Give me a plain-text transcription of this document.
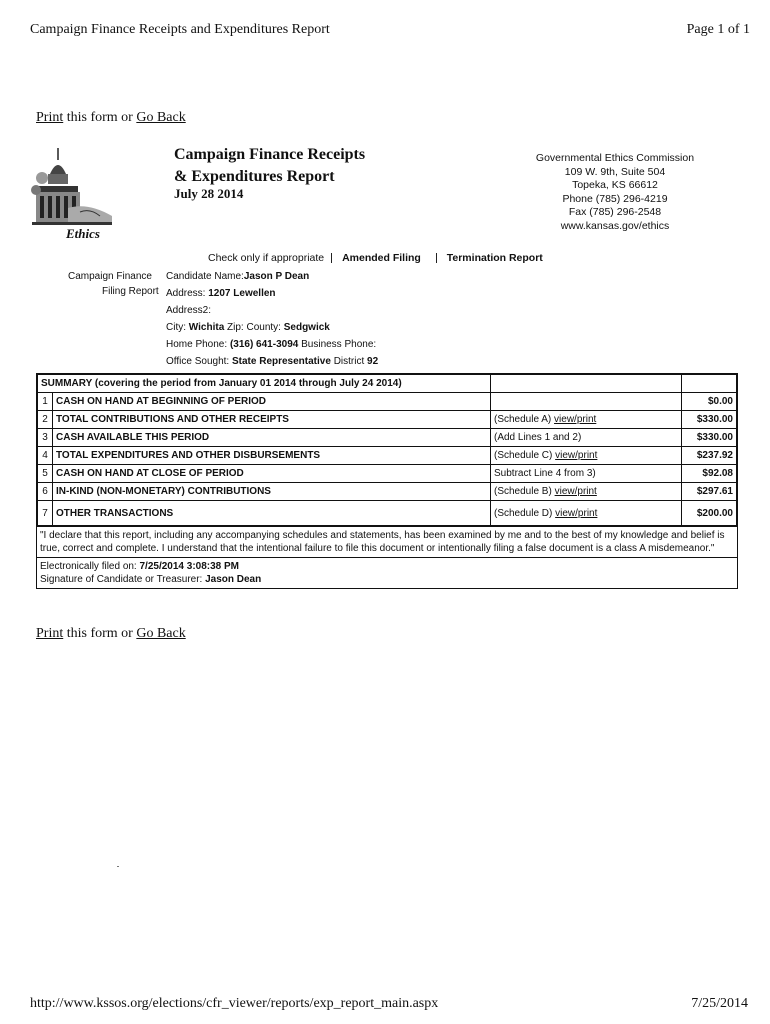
Campaign Finance Receipts and Expenditures Report	Page 1 of 1
Print this form or Go Back
Ethics
Campaign Finance Receipts
& Expenditures Report
July 28 2014
Governmental Ethics Commission
109 W. 9th, Suite 504
Topeka, KS 66612
Phone (785) 296-4219
Fax (785) 296-2548
www.kansas.gov/ethics
Check only if appropriate Amended Filing Termination Report
Campaign Finance
Filing Report
Candidate Name:Jason P Dean
Address: 1207 Lewellen
Address2:
City: Wichita Zip: County: Sedgwick
Home Phone: (316) 641-3094 Business Phone:
Office Sought: State Representative District 92
SUMMARY (covering the period from January 01 2014 through July 24 2014)			
1	CASH ON HAND AT BEGINNING OF PERIOD		$0.00
2	TOTAL CONTRIBUTIONS AND OTHER RECEIPTS	(Schedule A) view/print	$330.00
3	CASH AVAILABLE THIS PERIOD	(Add Lines 1 and 2)	$330.00
4	TOTAL EXPENDITURES AND OTHER DISBURSEMENTS	(Schedule C) view/print	$237.92
5	CASH ON HAND AT CLOSE OF PERIOD	Subtract Line 4 from 3)	$92.08
6	IN-KIND (NON-MONETARY) CONTRIBUTIONS	(Schedule B) view/print	$297.61
7	OTHER TRANSACTIONS	(Schedule D) view/print	$200.00
"I declare that this report, including any accompanying schedules and statements, has been examined by me and to the best of my knowledge and belief is true, correct and complete. I understand that the intentional failure to file this document or intentionally filing a false document is a class A misdemeanor."
Electronically filed on: 7/25/2014 3:08:38 PM
Signature of Candidate or Treasurer: Jason Dean
Print this form or Go Back
http://www.kssos.org/elections/cfr_viewer/reports/exp_report_main.aspx	7/25/2014
